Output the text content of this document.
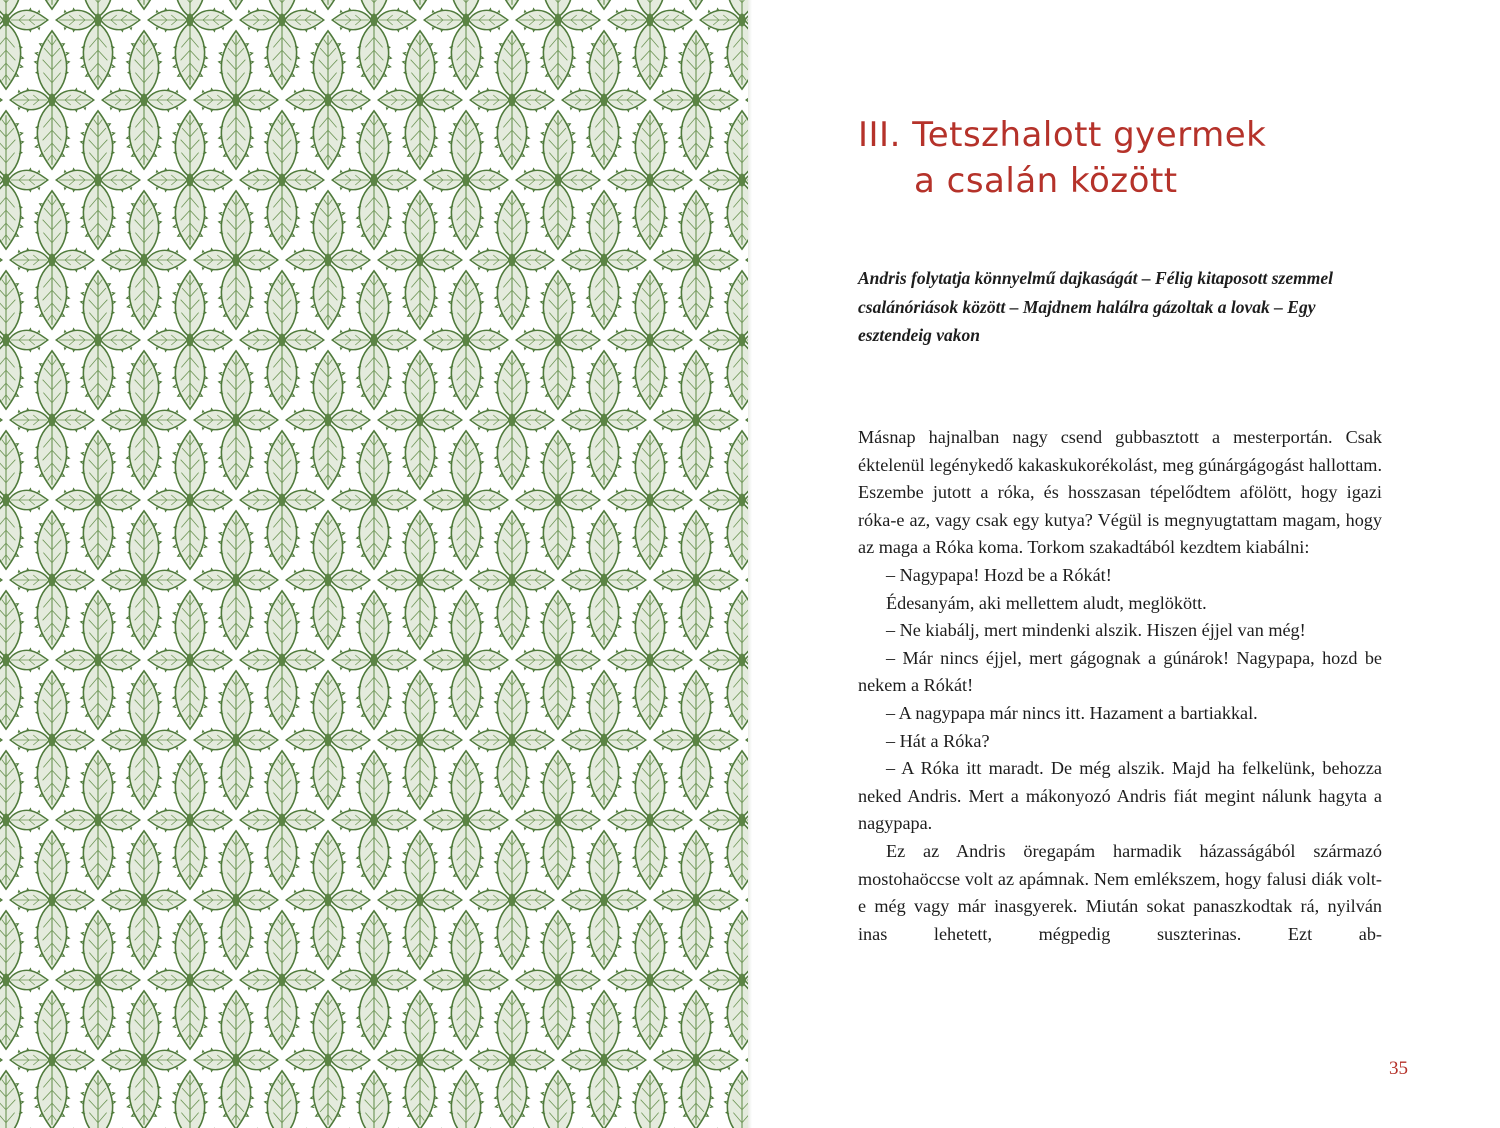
III. Tetszhalott gyermek
a csalán között

Andris folytatja könnyelmű dajkaságát – Félig kitaposott szemmel csalánóriások között – Majdnem halálra gázoltak a lovak – Egy esztendeig vakon

Másnap hajnalban nagy csend gubbasztott a mesterportán. Csak éktelenül legénykedő kakaskukorékolást, meg gúnárgágogást hallottam. Eszembe jutott a róka, és hosszasan tépelődtem afölött, hogy igazi róka-e az, vagy csak egy kutya? Végül is megnyugtattam magam, hogy az maga a Róka koma. Torkom szakadtából kezdtem kiabálni:

– Nagypapa! Hozd be a Rókát!

Édesanyám, aki mellettem aludt, meglökött.

– Ne kiabálj, mert mindenki alszik. Hiszen éjjel van még!

– Már nincs éjjel, mert gágognak a gúnárok! Nagypapa, hozd be nekem a Rókát!

– A nagypapa már nincs itt. Hazament a bartiakkal.

– Hát a Róka?

– A Róka itt maradt. De még alszik. Majd ha felkelünk, behozza neked Andris. Mert a mákonyozó Andris fiát megint nálunk hagyta a nagypapa.

Ez az Andris öregapám harmadik házasságából származó mostohaöccse volt az apámnak. Nem emlékszem, hogy falusi diák volt-e még vagy már inasgyerek. Miután sokat panaszkodtak rá, nyilván inas lehetett, mégpedig suszterinas. Ezt ab-

35
